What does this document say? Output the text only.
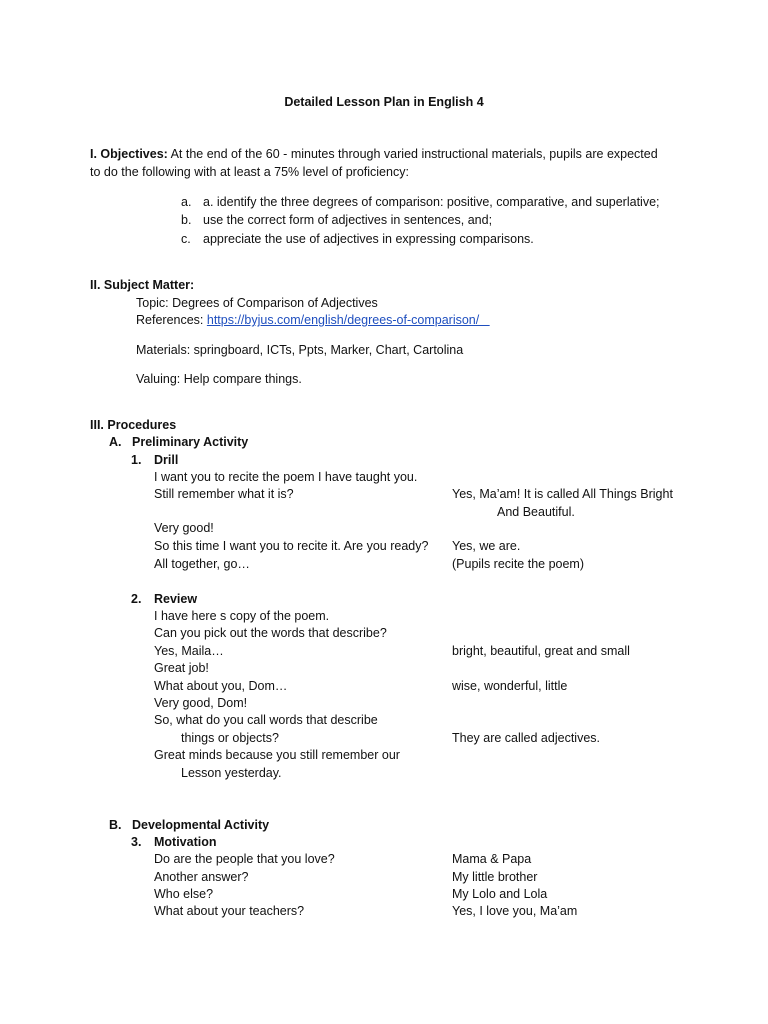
Detailed Lesson Plan in English 4
I. Objectives: At the end of the 60 - minutes through varied instructional materials, pupils are expected
to do the following with at least a 75% level of proficiency:
a. a. identify the three degrees of comparison: positive, comparative, and superlative;
b. use the correct form of adjectives in sentences, and;
c. appreciate the use of adjectives in expressing comparisons.
II. Subject Matter:
Topic: Degrees of Comparison of Adjectives
References: https://byjus.com/english/degrees-of-comparison/
Materials: springboard, ICTs, Ppts, Marker, Chart, Cartolina
Valuing: Help compare things.
III. Procedures
A. Preliminary Activity
1. Drill
I want you to recite the poem I have taught you.
Still remember what it is?	Yes, Ma’am! It is called All Things Bright
And Beautiful.
Very good!
So this time I want you to recite it. Are you ready? Yes, we are.
All together, go…	(Pupils recite the poem)
2. Review
I have here s copy of the poem.
Can you pick out the words that describe?
Yes, Maila…	bright, beautiful, great and small
Great job!
What about you, Dom…	wise, wonderful, little
Very good, Dom!
So, what do you call words that describe
things or objects?	They are called adjectives.
Great minds because you still remember our
Lesson yesterday.
B. Developmental Activity
3. Motivation
Do are the people that you love?	Mama & Papa
Another answer?	My little brother
Who else?	My Lolo and Lola
What about your teachers?	Yes, I love you, Ma’am
